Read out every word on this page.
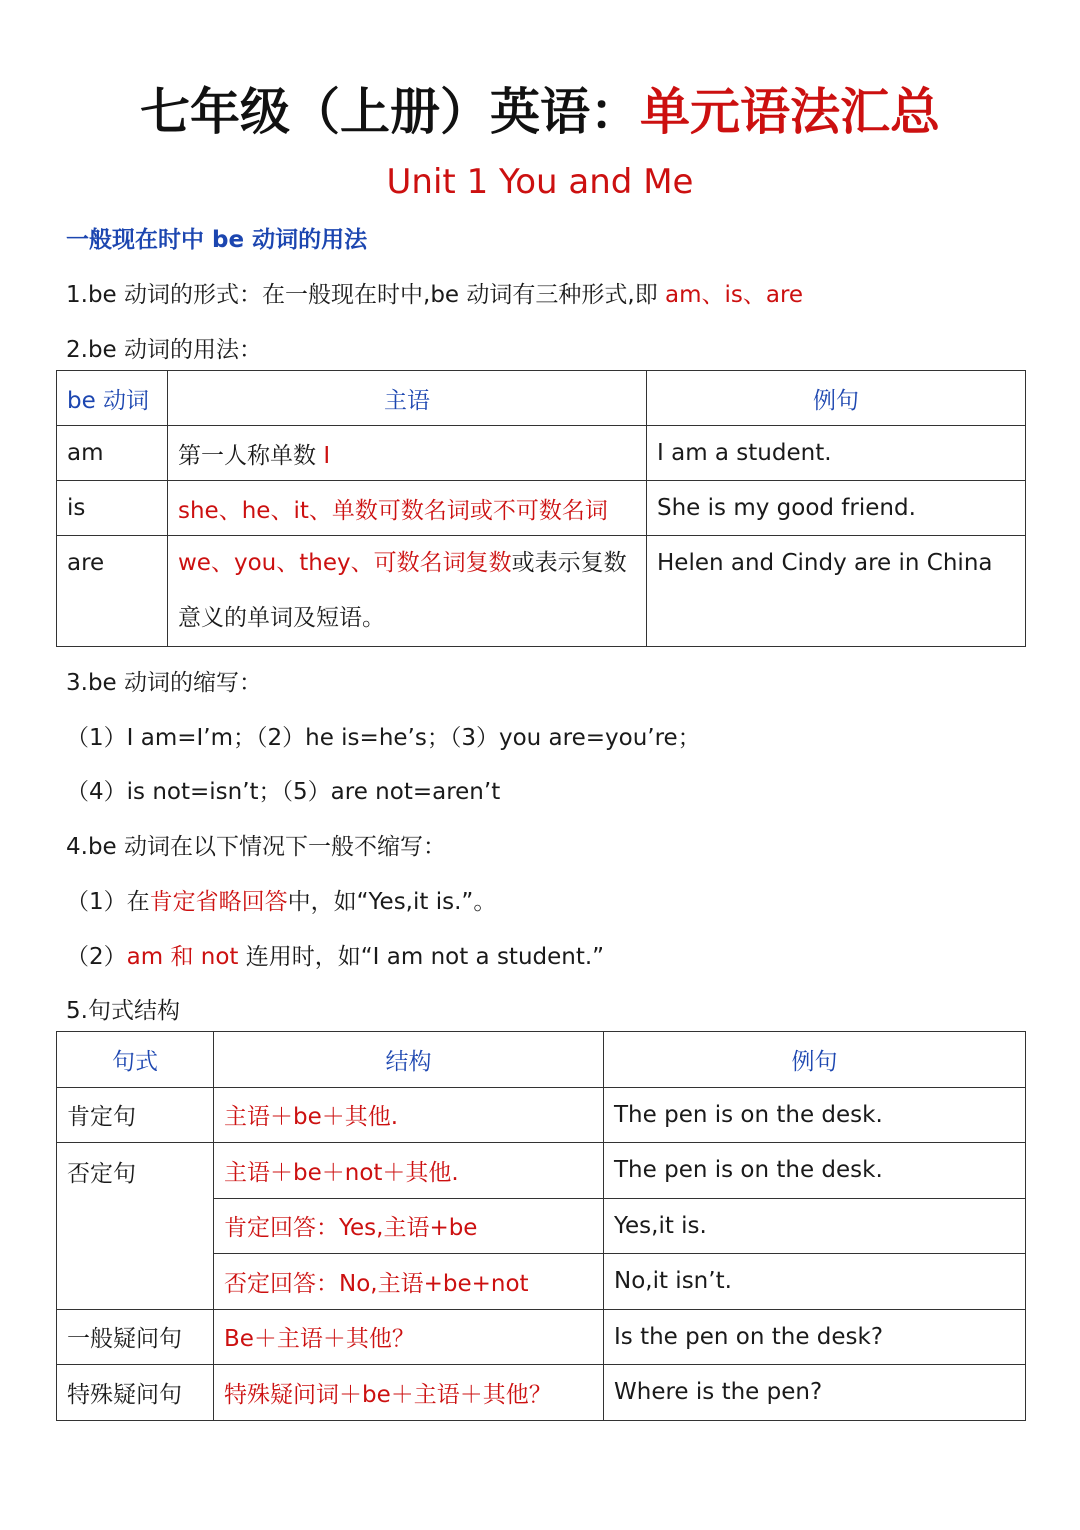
七年级（上册）英语：单元语法汇总
Unit 1 You and Me
一般现在时中 be 动词的用法
1.be 动词的形式：在一般现在时中,be 动词有三种形式,即 am、is、are
2.be 动词的用法：
be 动词	主语	例句
am	第一人称单数 I	I am a student.
is	she、he、it、单数可数名词或不可数名词	She is my good friend.
are	we、you、they、可数名词复数或表示复数意义的单词及短语。	Helen and Cindy are in China
3.be 动词的缩写：
（1）I am=I’m；（2）he is=he’s；（3）you are=you’re；
（4）is not=isn’t；（5）are not=aren’t
4.be 动词在以下情况下一般不缩写：
（1）在肯定省略回答中，如“Yes,it is.”。
（2）am 和 not 连用时，如“I am not a student.”
5.句式结构
句式	结构	例句
肯定句	主语＋be＋其他.	The pen is on the desk.
否定句	主语＋be＋not＋其他.	The pen is on the desk.
	肯定回答：Yes,主语+be	Yes,it is.
	否定回答：No,主语+be+not	No,it isn’t.
一般疑问句	Be＋主语＋其他？	Is the pen on the desk?
特殊疑问句	特殊疑问词＋be＋主语＋其他？	Where is the pen?
